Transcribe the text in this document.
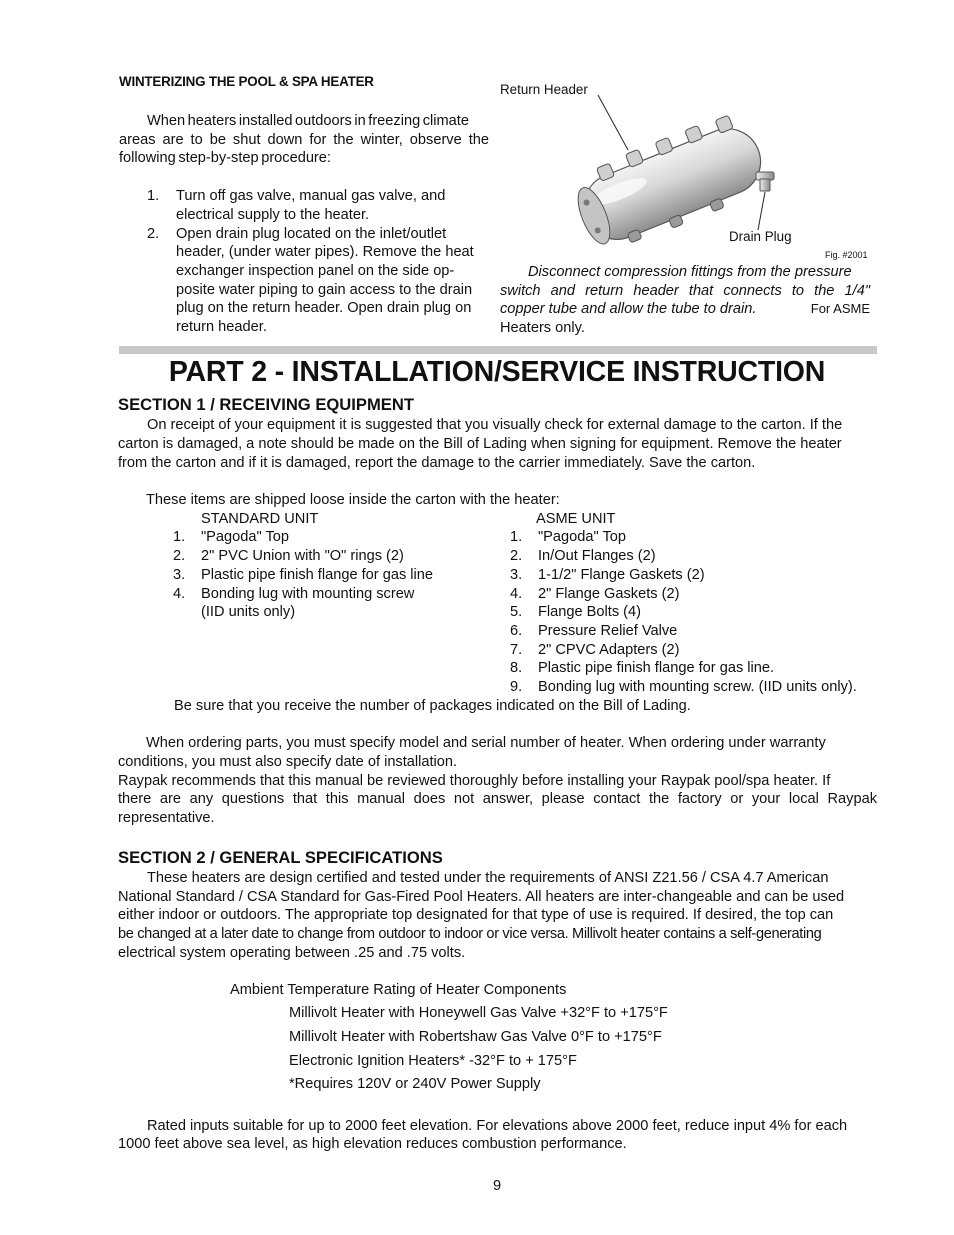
WINTERIZING THE POOL & SPA HEATER
When heaters installed outdoors in freezing climate
areas are to be shut down for the winter, observe the
following step-by-step procedure:
1. Turn off gas valve, manual gas valve, and
electrical supply to the heater.
2. Open drain plug located on the inlet/outlet
header, (under water pipes). Remove the heat
exchanger inspection panel on the side op-
posite water piping to gain access to the drain
plug on the return header. Open drain plug on
return header.
Return Header
Drain Plug
Fig. #2001
Disconnect compression fittings from the pressure
switch and return header that connects to the 1/4"
copper tube and allow the tube to drain.	For ASME
Heaters only.
PART 2 - INSTALLATION/SERVICE INSTRUCTION
SECTION 1 / RECEIVING EQUIPMENT
On receipt of your equipment it is suggested that you visually check for external damage to the carton. If the
carton is damaged, a note should be made on the Bill of Lading when signing for equipment. Remove the heater
from the carton and if it is damaged, report the damage to the carrier immediately. Save the carton.
These items are shipped loose inside the carton with the heater:
STANDARD UNIT	ASME UNIT
1. "Pagoda" Top
2. 2" PVC Union with "O" rings (2)
3. Plastic pipe finish flange for gas line
4. Bonding lug with mounting screw
(IID units only)
1. "Pagoda" Top
2. In/Out Flanges (2)
3. 1-1/2" Flange Gaskets (2)
4. 2" Flange Gaskets (2)
5. Flange Bolts (4)
6. Pressure Relief Valve
7. 2" CPVC Adapters (2)
8. Plastic pipe finish flange for gas line.
9. Bonding lug with mounting screw. (IID units only).
Be sure that you receive the number of packages indicated on the Bill of Lading.
When ordering parts, you must specify model and serial number of heater. When ordering under warranty
conditions, you must also specify date of installation.
Raypak recommends that this manual be reviewed thoroughly before installing your Raypak pool/spa heater. If
there are any questions that this manual does not answer, please contact the factory or your local Raypak
representative.
SECTION 2 / GENERAL SPECIFICATIONS
These heaters are design certified and tested under the requirements of ANSI Z21.56 / CSA 4.7 American
National Standard / CSA Standard for Gas-Fired Pool Heaters. All heaters are inter-changeable and can be used
either indoor or outdoors. The appropriate top designated for that type of use is required. If desired, the top can
be changed at a later date to change from outdoor to indoor or vice versa. Millivolt heater contains a self-generating
electrical system operating between .25 and .75 volts.
Ambient Temperature Rating of Heater Components
Millivolt Heater with Honeywell Gas Valve +32°F to +175°F
Millivolt Heater with Robertshaw Gas Valve 0°F to +175°F
Electronic Ignition Heaters* -32°F to + 175°F
*Requires 120V or 240V Power Supply
Rated inputs suitable for up to 2000 feet elevation. For elevations above 2000 feet, reduce input 4% for each
1000 feet above sea level, as high elevation reduces combustion performance.
9
